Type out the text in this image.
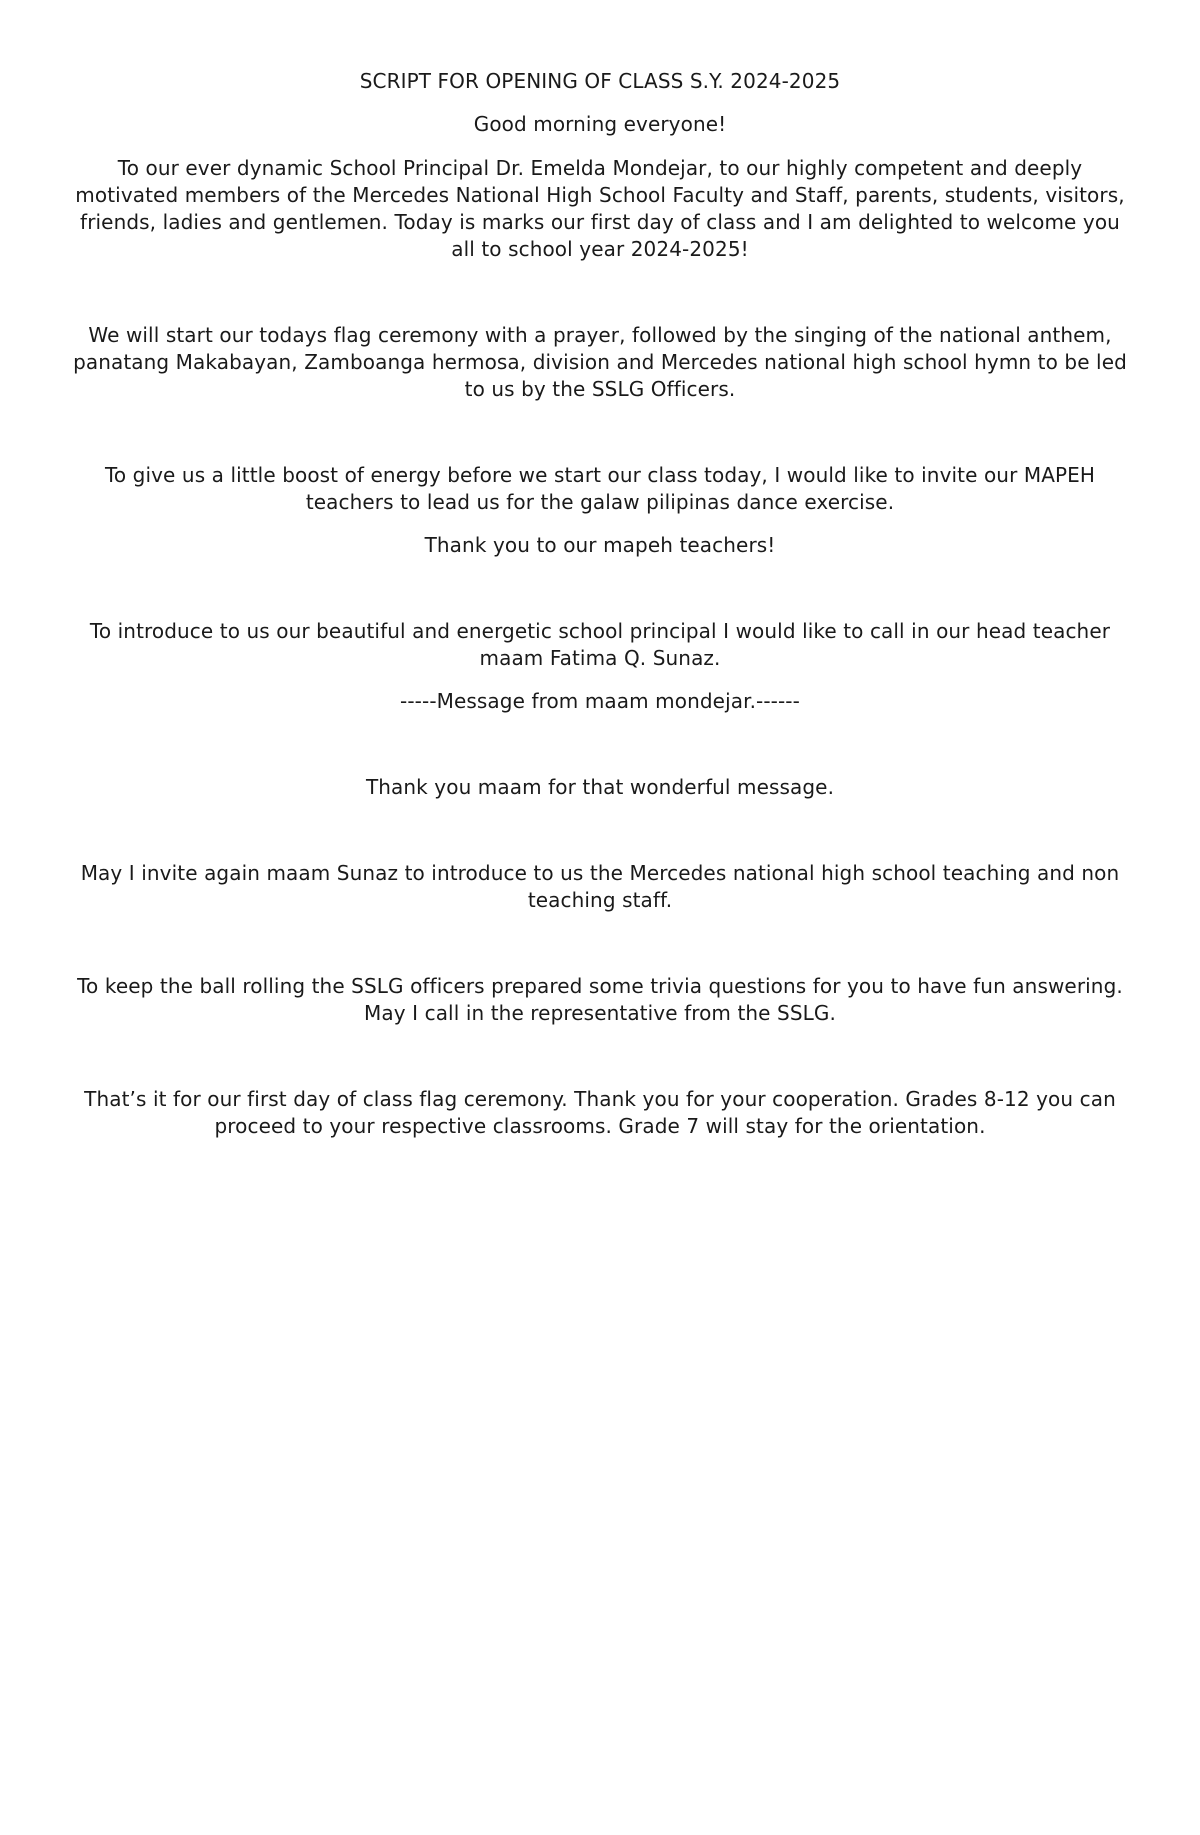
SCRIPT FOR OPENING OF CLASS S.Y. 2024-2025

Good morning everyone!

To our ever dynamic School Principal Dr. Emelda Mondejar, to our highly competent and deeply motivated members of the Mercedes National High School Faculty and Staff, parents, students, visitors, friends, ladies and gentlemen. Today is marks our first day of class and I am delighted to welcome you all to school year 2024-2025!

We will start our todays flag ceremony with a prayer, followed by the singing of the national anthem, panatang Makabayan, Zamboanga hermosa, division and Mercedes national high school hymn to be led to us by the SSLG Officers.

To give us a little boost of energy before we start our class today, I would like to invite our MAPEH teachers to lead us for the galaw pilipinas dance exercise.

Thank you to our mapeh teachers!

To introduce to us our beautiful and energetic school principal I would like to call in our head teacher maam Fatima Q. Sunaz.

-----Message from maam mondejar.------

Thank you maam for that wonderful message.

May I invite again maam Sunaz to introduce to us the Mercedes national high school teaching and non teaching staff.

To keep the ball rolling the SSLG officers prepared some trivia questions for you to have fun answering. May I call in the representative from the SSLG.

That’s it for our first day of class flag ceremony. Thank you for your cooperation. Grades 8-12 you can proceed to your respective classrooms. Grade 7 will stay for the orientation.
